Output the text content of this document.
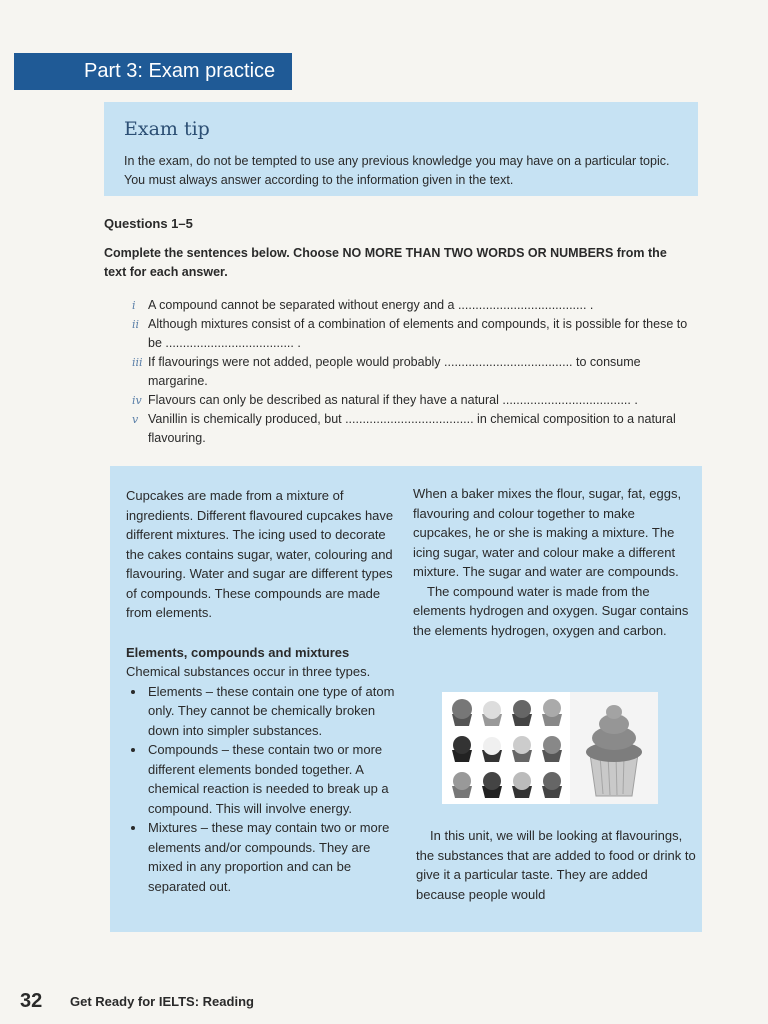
Part 3: Exam practice

Exam tip

In the exam, do not be tempted to use any previous knowledge you may have on a particular topic. You must always answer according to the information given in the text.

Questions 1–5
Complete the sentences below. Choose NO MORE THAN TWO WORDS OR NUMBERS from the text for each answer.
i A compound cannot be separated without energy and a ..................................... .
ii Although mixtures consist of a combination of elements and compounds, it is possible for these to be ..................................... .
iii If flavourings were not added, people would probably ..................................... to consume margarine.
iv Flavours can only be described as natural if they have a natural ..................................... .
v Vanillin is chemically produced, but ..................................... in chemical composition to a natural flavouring.

Cupcakes are made from a mixture of ingredients. Different flavoured cupcakes have different mixtures. The icing used to decorate the cakes contains sugar, water, colouring and flavouring. Water and sugar are different types of compounds. These compounds are made from elements.

Elements, compounds and mixtures

Chemical substances occur in three types.

• Elements – these contain one type of atom only. They cannot be chemically broken down into simpler substances.
• Compounds – these contain two or more different elements bonded together. A chemical reaction is needed to break up a compound. This will involve energy.
• Mixtures – these may contain two or more elements and/or compounds. They are mixed in any proportion and can be separated out.

When a baker mixes the flour, sugar, fat, eggs, flavouring and colour together to make cupcakes, he or she is making a mixture. The icing sugar, water and colour make a different mixture. The sugar and water are compounds.

The compound water is made from the elements hydrogen and oxygen. Sugar contains the elements hydrogen, oxygen and carbon.

In this unit, we will be looking at flavourings, the substances that are added to food or drink to give it a particular taste. They are added because people would

32 Get Ready for IELTS: Reading
